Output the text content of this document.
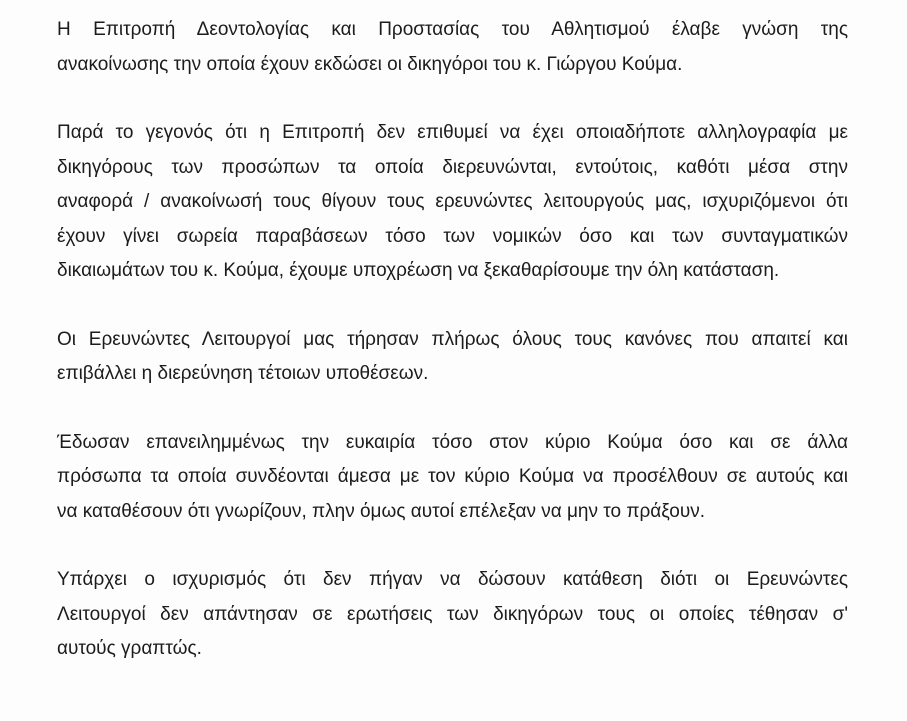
Η Επιτροπή Δεοντολογίας και Προστασίας του Αθλητισμού έλαβε γνώση της
ανακοίνωσης την οποία έχουν εκδώσει οι δικηγόροι του κ. Γιώργου Κούμα.
Παρά το γεγονός ότι η Επιτροπή δεν επιθυμεί να έχει οποιαδήποτε αλληλογραφία με
δικηγόρους των προσώπων τα οποία διερευνώνται, εντούτοις, καθότι μέσα στην
αναφορά / ανακοίνωσή τους θίγουν τους ερευνώντες λειτουργούς μας, ισχυριζόμενοι ότι
έχουν γίνει σωρεία παραβάσεων τόσο των νομικών όσο και των συνταγματικών
δικαιωμάτων του κ. Κούμα, έχουμε υποχρέωση να ξεκαθαρίσουμε την όλη κατάσταση.
Οι Ερευνώντες Λειτουργοί μας τήρησαν πλήρως όλους τους κανόνες που απαιτεί και
επιβάλλει η διερεύνηση τέτοιων υποθέσεων.
Έδωσαν επανειλημμένως την ευκαιρία τόσο στον κύριο Κούμα όσο και σε άλλα
πρόσωπα τα οποία συνδέονται άμεσα με τον κύριο Κούμα να προσέλθουν σε αυτούς και
να καταθέσουν ότι γνωρίζουν, πλην όμως αυτοί επέλεξαν να μην το πράξουν.
Υπάρχει ο ισχυρισμός ότι δεν πήγαν να δώσουν κατάθεση διότι οι Ερευνώντες
Λειτουργοί δεν απάντησαν σε ερωτήσεις των δικηγόρων τους οι οποίες τέθησαν σ'
αυτούς γραπτώς.
